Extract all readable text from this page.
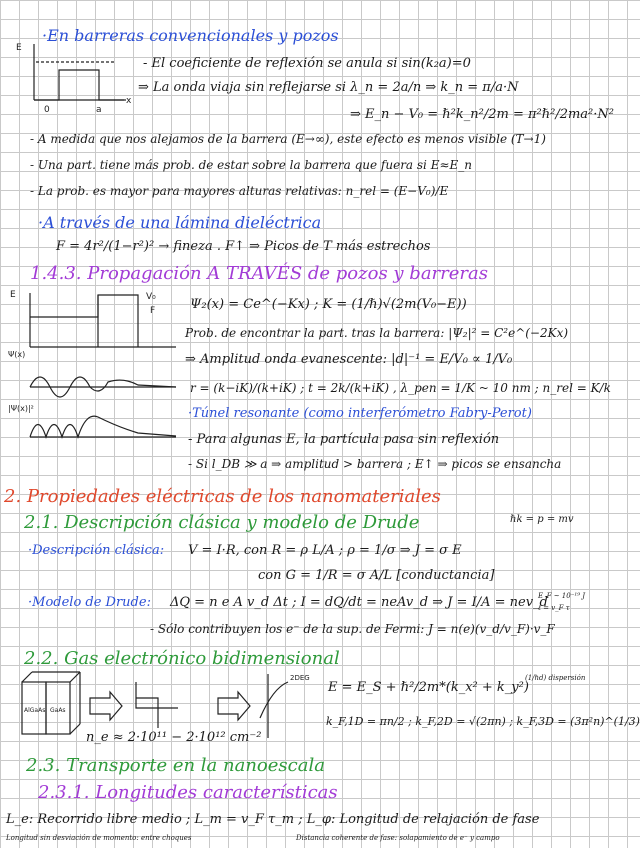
·En barreras convencionales y pozos
E
0	a
x
- El coeficiente de reflexión se anula si sin(k₂a)=0
⇒ La onda viaja sin reflejarse si λ_n = 2a/n ⇒ k_n = π/a·N
⇒ E_n − V₀ = ℏ²k_n²/2m = π²ℏ²/2ma²·N²
- A medida que nos alejamos de la barrera (E→∞), este efecto es menos visible (T→1)
- Una part. tiene más prob. de estar sobre la barrera que fuera si E≈E_n
- La prob. es mayor para mayores alturas relativas: n_rel = (E−V₀)/E
·A través de una lámina dieléctrica
F = 4r²/(1−r²)² → fineza . F↑ ⇒ Picos de T más estrechos
1.4.3. Propagación A TRAVÉS de pozos y barreras
E	V₀
F
Ψ(x)
|Ψ(x)|²
Ψ₂(x) = Ce^(−Kx) ; K = (1/ℏ)√(2m(V₀−E))
Prob. de encontrar la part. tras la barrera: |Ψ₂|² = C²e^(−2Kx)
⇒ Amplitud onda evanescente: |d|⁻¹ = E/V₀ ∝ 1/V₀
r = (k−iK)/(k+iK) ; t = 2k/(k+iK) , λ_pen = 1/K ~ 10 nm ; n_rel = K/k
·Túnel resonante (como interferómetro Fabry-Perot)
- Para algunas E, la partícula pasa sin reflexión
- Si l_DB ≫ a ⇒ amplitud > barrera ; E↑ ⇒ picos se ensancha
2. Propiedades eléctricas de los nanomateriales
2.1. Descripción clásica y modelo de Drude	ℏk = p = mv
·Descripción clásica: V = I·R, con R = ρ L/A ; ρ = 1/σ ⇒ J = σ E
con G = 1/R = σ A/L [conductancia]
·Modelo de Drude: ΔQ = n e A v_d Δt ; I = dQ/dt = neAv_d ⇒ J = I/A = nev_d
- Sólo contribuyen los e⁻ de la sup. de Fermi: J = n(e)(v_d/v_F)·v_F
E_F ~ 10⁻¹⁹ J
ℓ = v_F τ
2.2. Gas electrónico bidimensional
AlGaAs GaAs
2DEG
E = E_S + ℏ²/2m*(k_x² + k_y²)
k_F,1D = πn/2 ; k_F,2D = √(2πn) ; k_F,3D = (3π²n)^(1/3)
n_e ≈ 2·10¹¹ − 2·10¹² cm⁻²
(1/ℏd) dispersión
2.3. Transporte en la nanoescala
2.3.1. Longitudes características
L_e: Recorrido libre medio ; L_m = v_F τ_m ; L_φ: Longitud de relajación de fase
Longitud sin desviación de momento: entre choques	Distancia coherente de fase: solapamiento de e⁻ y campo
